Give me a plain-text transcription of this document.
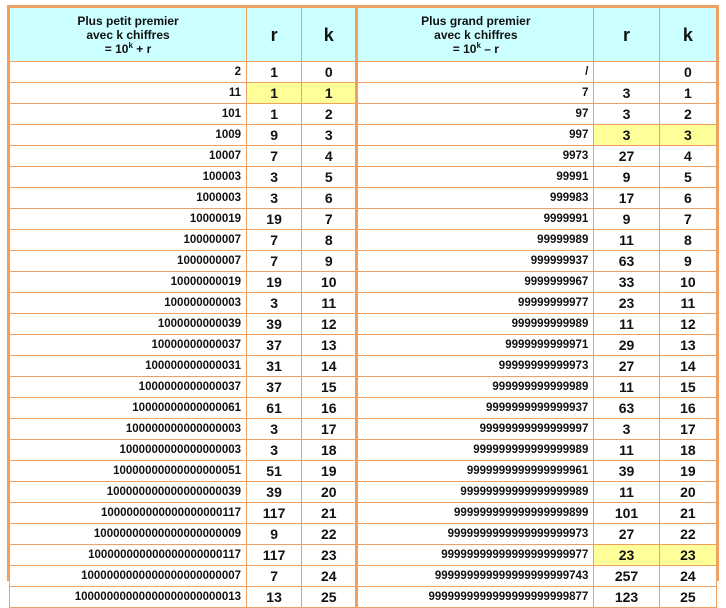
Plus petit premier
avec k chiffres
= $10^k + r$	r	k	Plus grand premier
avec k chiffres
= $10^k$ – r	r	k
2	1	0	/		0
11	1	1	7	3	1
101	1	2	97	3	2
1009	9	3	997	3	3
10007	7	4	9973	27	4
100003	3	5	99991	9	5
1000003	3	6	999983	17	6
10000019	19	7	9999991	9	7
100000007	7	8	99999989	11	8
1000000007	7	9	999999937	63	9
10000000019	19	10	9999999967	33	10
100000000003	3	11	99999999977	23	11
1000000000039	39	12	999999999989	11	12
10000000000037	37	13	9999999999971	29	13
100000000000031	31	14	99999999999973	27	14
1000000000000037	37	15	999999999999989	11	15
10000000000000061	61	16	9999999999999937	63	16
100000000000000003	3	17	99999999999999997	3	17
1000000000000000003	3	18	999999999999999989	11	18
10000000000000000051	51	19	9999999999999999961	39	19
100000000000000000039	39	20	99999999999999999989	11	20
1000000000000000000117	117	21	999999999999999999899	101	21
10000000000000000000009	9	22	9999999999999999999973	27	22
100000000000000000000117	117	23	99999999999999999999977	23	23
1000000000000000000000007	7	24	999999999999999999999743	257	24
10000000000000000000000013	13	25	9999999999999999999999877	123	25
